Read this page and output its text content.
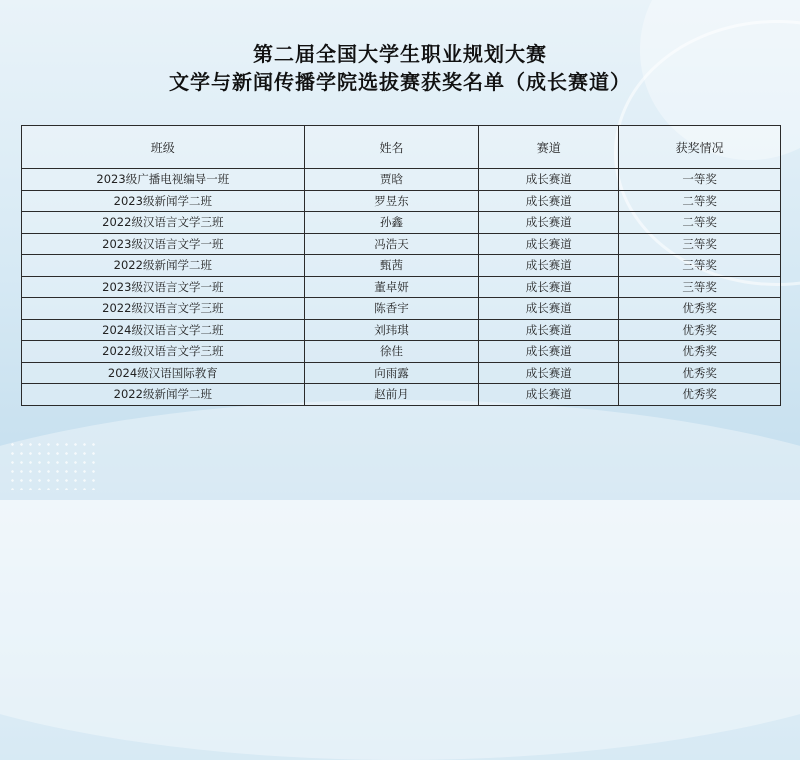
第二届全国大学生职业规划大赛
文学与新闻传播学院选拔赛获奖名单（成长赛道）
班级	姓名	赛道	获奖情况
2023级广播电视编导一班	贾晗	成长赛道	一等奖
2023级新闻学二班	罗昱东	成长赛道	二等奖
2022级汉语言文学三班	孙鑫	成长赛道	二等奖
2023级汉语言文学一班	冯浩天	成长赛道	三等奖
2022级新闻学二班	甄茜	成长赛道	三等奖
2023级汉语言文学一班	董卓妍	成长赛道	三等奖
2022级汉语言文学三班	陈香宇	成长赛道	优秀奖
2024级汉语言文学二班	刘玮琪	成长赛道	优秀奖
2022级汉语言文学三班	徐佳	成长赛道	优秀奖
2024级汉语国际教育	向雨露	成长赛道	优秀奖
2022级新闻学二班	赵前月	成长赛道	优秀奖
